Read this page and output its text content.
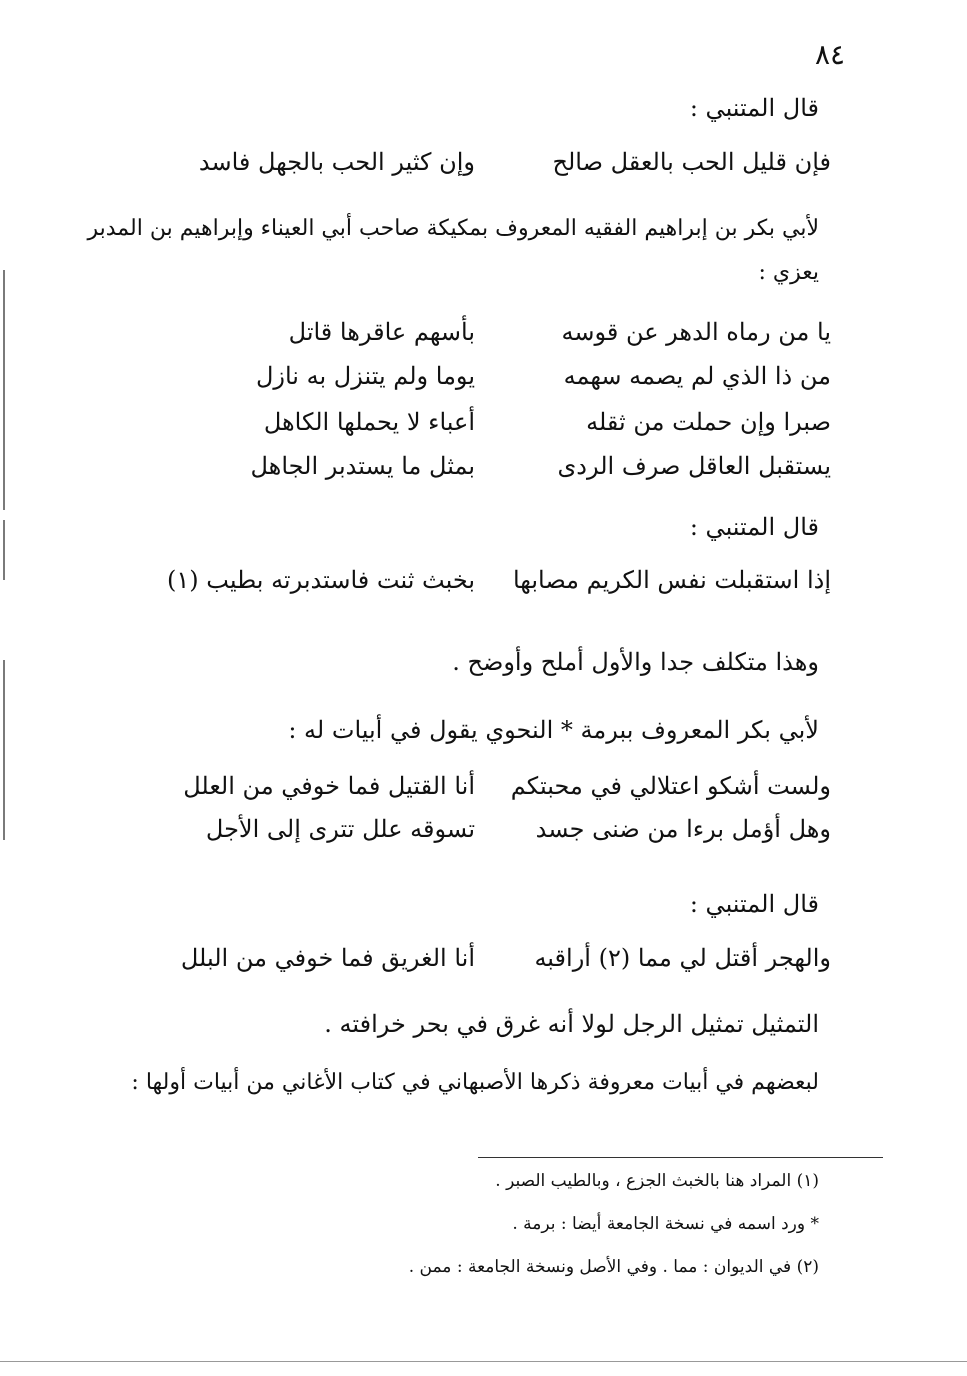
٨٤
قال المتنبي :
فإن قليل الحب بالعقل صالح
وإن كثير الحب بالجهل فاسد
لأبي بكر بن إبراهيم الفقيه المعروف بمكيكة صاحب أبي العيناء وإبراهيم بن المدبر
يعزي :
يا من رماه الدهر عن قوسه
بأسهم عاقرها قاتل
من ذا الذي لم يصمه سهمه
يوما ولم يتنزل به نازل
صبرا وإن حملت من ثقله
أعباء لا يحملها الكاهل
يستقبل العاقل صرف الردى
بمثل ما يستدبر الجاهل
قال المتنبي :
إذا استقبلت نفس الكريم مصابها
بخبث ثنت فاستدبرته بطيب (١)
وهذا متكلف جدا والأول أملح وأوضح .
لأبي بكر المعروف ببرمة * النحوي يقول في أبيات له :
ولست أشكو اعتلالي في محبتكم
أنا القتيل فما خوفي من العلل
وهل أؤمل برءا من ضنى جسد
تسوقه علل تترى إلى الأجل
قال المتنبي :
والهجر أقتل لي مما (٢) أراقبه
أنا الغريق فما خوفي من البلل
التمثيل تمثيل الرجل لولا أنه غرق في بحر خرافته .
لبعضهم في أبيات معروفة ذكرها الأصبهاني في كتاب الأغاني من أبيات أولها :
(١) المراد هنا بالخبث الجزع ، وبالطيب الصبر .
* ورد اسمه في نسخة الجامعة أيضا : برمة .
(٢) في الديوان : مما . وفي الأصل ونسخة الجامعة : ممن .
